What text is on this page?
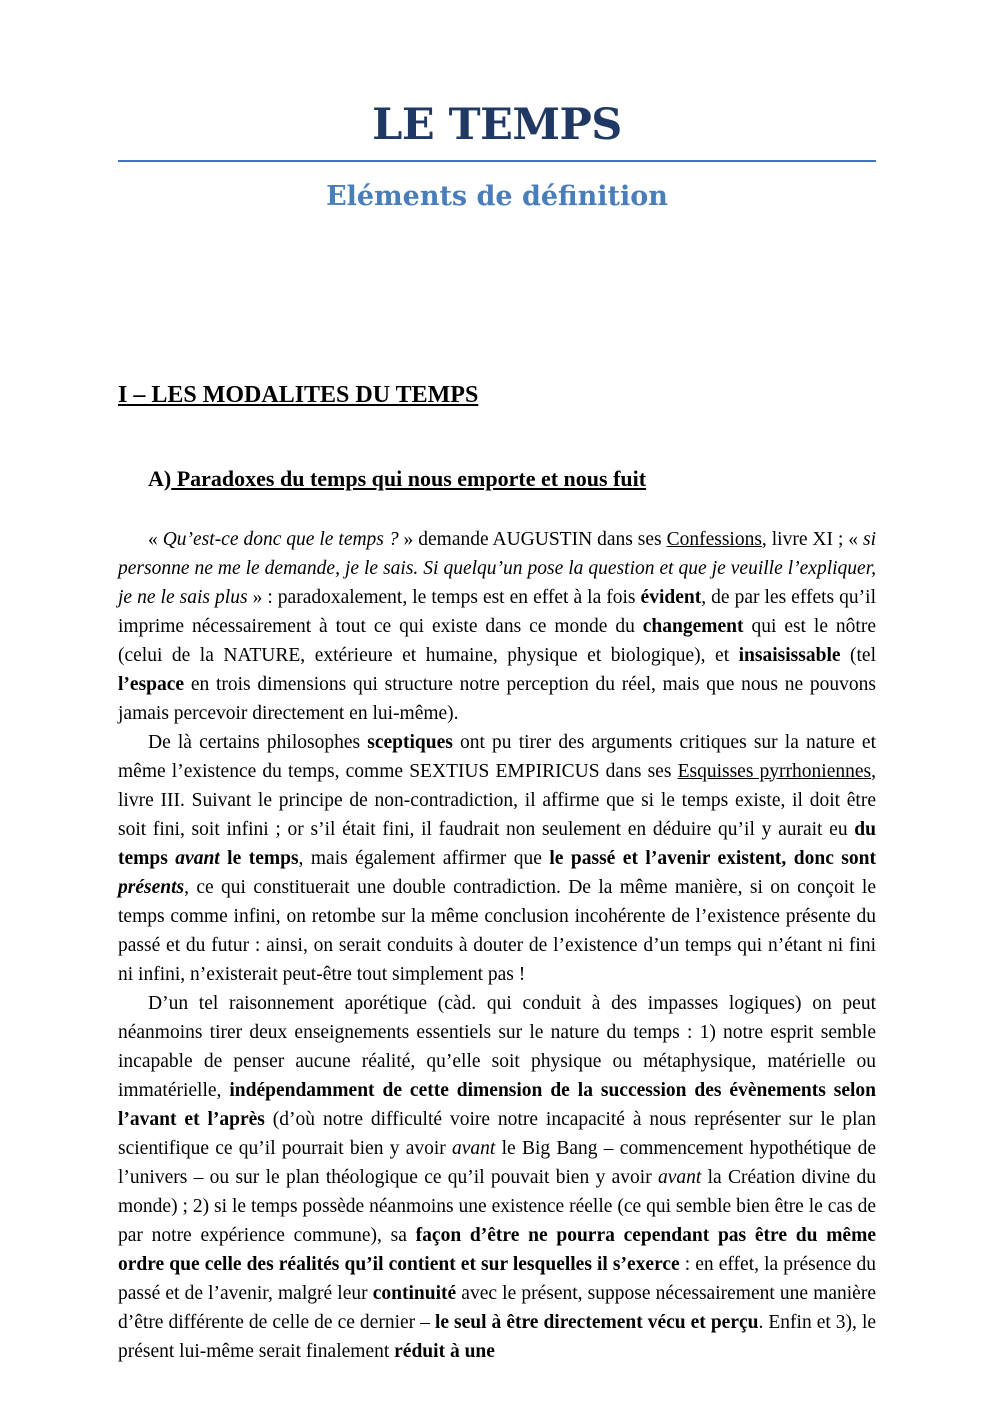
LE TEMPS
Eléments de définition
I – LES MODALITES DU TEMPS
A) Paradoxes du temps qui nous emporte et nous fuit

« Qu’est-ce donc que le temps ? » demande AUGUSTIN dans ses Confessions, livre XI ; « si personne ne me le demande, je le sais. Si quelqu’un pose la question et que je veuille l’expliquer, je ne le sais plus » : paradoxalement, le temps est en effet à la fois évident, de par les effets qu’il imprime nécessairement à tout ce qui existe dans ce monde du changement qui est le nôtre (celui de la NATURE, extérieure et humaine, physique et biologique), et insaisissable (tel l’espace en trois dimensions qui structure notre perception du réel, mais que nous ne pouvons jamais percevoir directement en lui-même).

De là certains philosophes sceptiques ont pu tirer des arguments critiques sur la nature et même l’existence du temps, comme SEXTIUS EMPIRICUS dans ses Esquisses pyrrhoniennes, livre III. Suivant le principe de non-contradiction, il affirme que si le temps existe, il doit être soit fini, soit infini ; or s’il était fini, il faudrait non seulement en déduire qu’il y aurait eu du temps avant le temps, mais également affirmer que le passé et l’avenir existent, donc sont présents, ce qui constituerait une double contradiction. De la même manière, si on conçoit le temps comme infini, on retombe sur la même conclusion incohérente de l’existence présente du passé et du futur : ainsi, on serait conduits à douter de l’existence d’un temps qui n’étant ni fini ni infini, n’existerait peut-être tout simplement pas !

D’un tel raisonnement aporétique (càd. qui conduit à des impasses logiques) on peut néanmoins tirer deux enseignements essentiels sur le nature du temps : 1) notre esprit semble incapable de penser aucune réalité, qu’elle soit physique ou métaphysique, matérielle ou immatérielle, indépendamment de cette dimension de la succession des évènements selon l’avant et l’après (d’où notre difficulté voire notre incapacité à nous représenter sur le plan scientifique ce qu’il pourrait bien y avoir avant le Big Bang – commencement hypothétique de l’univers – ou sur le plan théologique ce qu’il pouvait bien y avoir avant la Création divine du monde) ; 2) si le temps possède néanmoins une existence réelle (ce qui semble bien être le cas de par notre expérience commune), sa façon d’être ne pourra cependant pas être du même ordre que celle des réalités qu’il contient et sur lesquelles il s’exerce : en effet, la présence du passé et de l’avenir, malgré leur continuité avec le présent, suppose nécessairement une manière d’être différente de celle de ce dernier – le seul à être directement vécu et perçu. Enfin et 3), le présent lui-même serait finalement réduit à une
